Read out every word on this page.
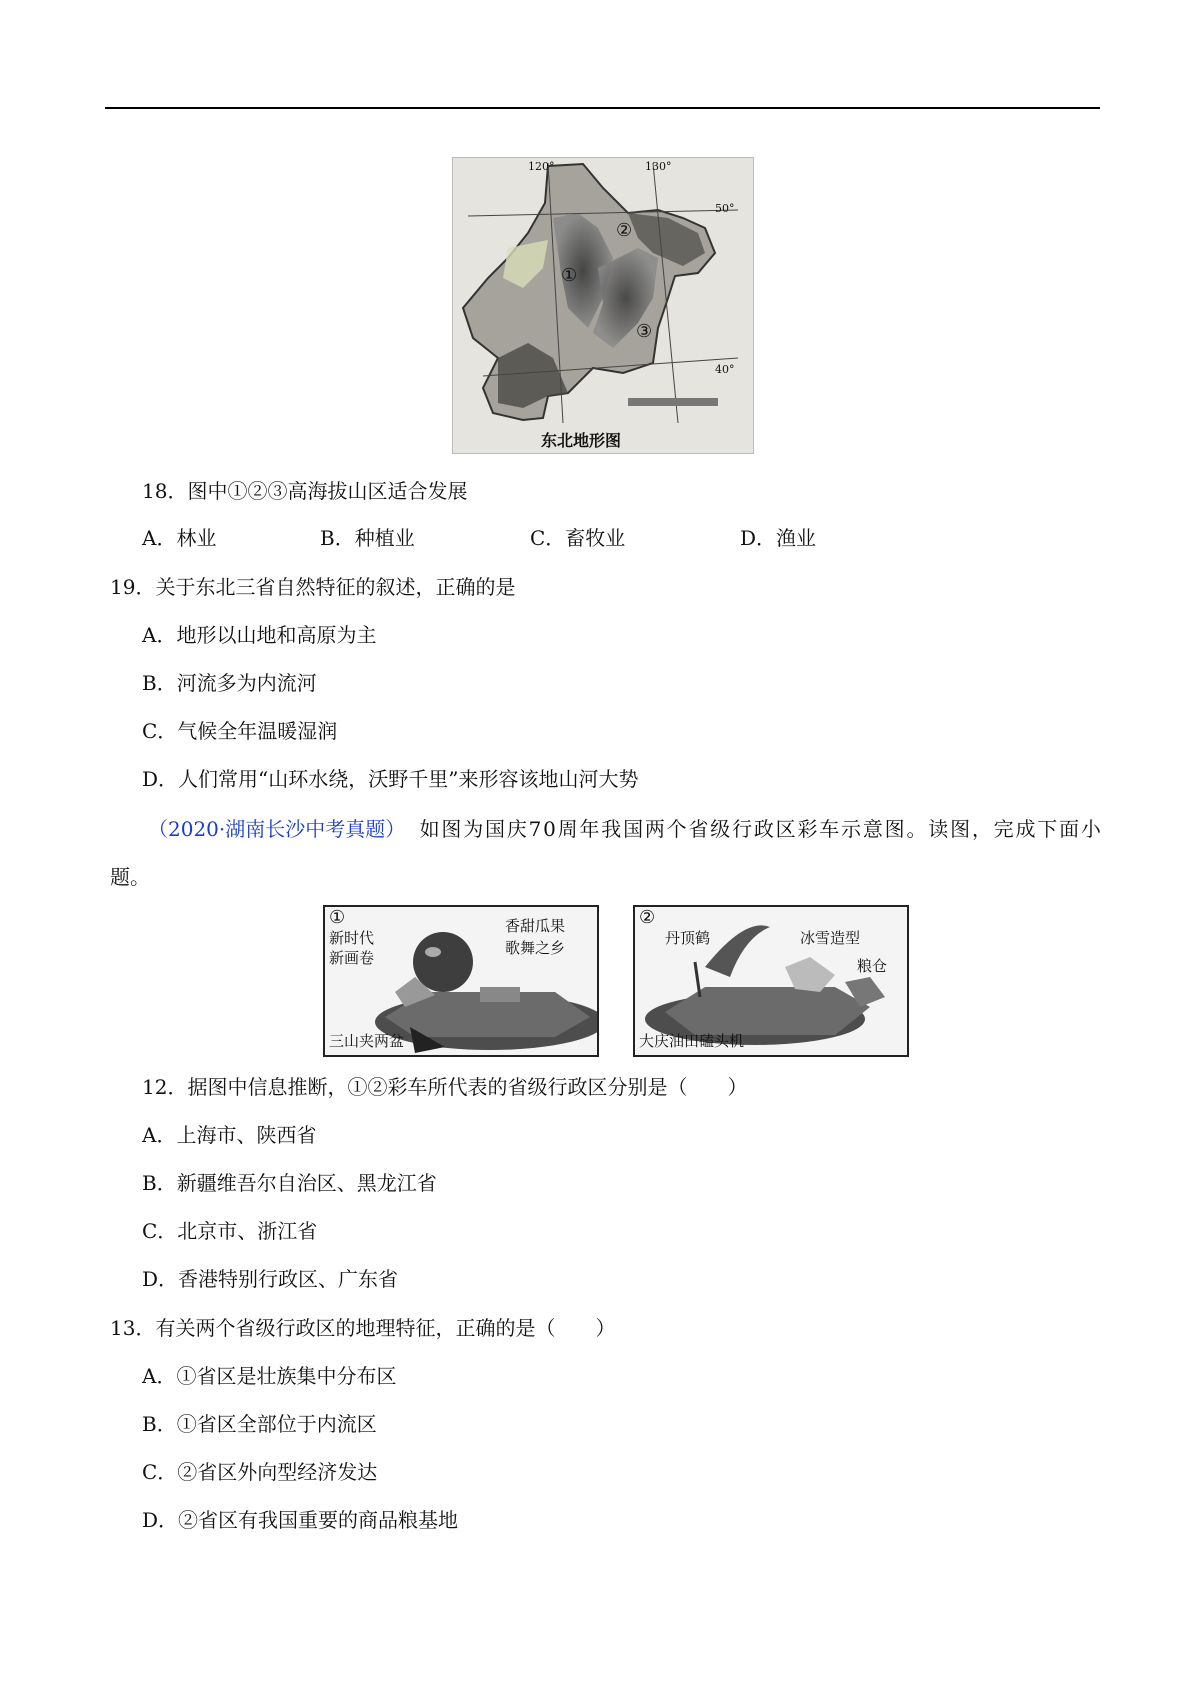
120°	130°
50°
40°
①
②
③
东北地形图
18．图中①②③高海拔山区适合发展
A．林业	B．种植业	C．畜牧业	D．渔业
19．关于东北三省自然特征的叙述，正确的是
A．地形以山地和高原为主
B．河流多为内流河
C．气候全年温暖湿润
D．人们常用“山环水绕，沃野千里”来形容该地山河大势
（2020·湖南长沙中考真题） 如图为国庆70周年我国两个省级行政区彩车示意图。读图，完成下面小
题。
①
新时代
新画卷
香甜瓜果
歌舞之乡
三山夹两盆
②
丹顶鹤	冰雪造型
粮仓
大庆油田磕头机
12．据图中信息推断，①②彩车所代表的省级行政区分别是（　　）
A．上海市、陕西省
B．新疆维吾尔自治区、黑龙江省
C．北京市、浙江省
D．香港特别行政区、广东省
13．有关两个省级行政区的地理特征，正确的是（　　）
A．①省区是壮族集中分布区
B．①省区全部位于内流区
C．②省区外向型经济发达
D．②省区有我国重要的商品粮基地
